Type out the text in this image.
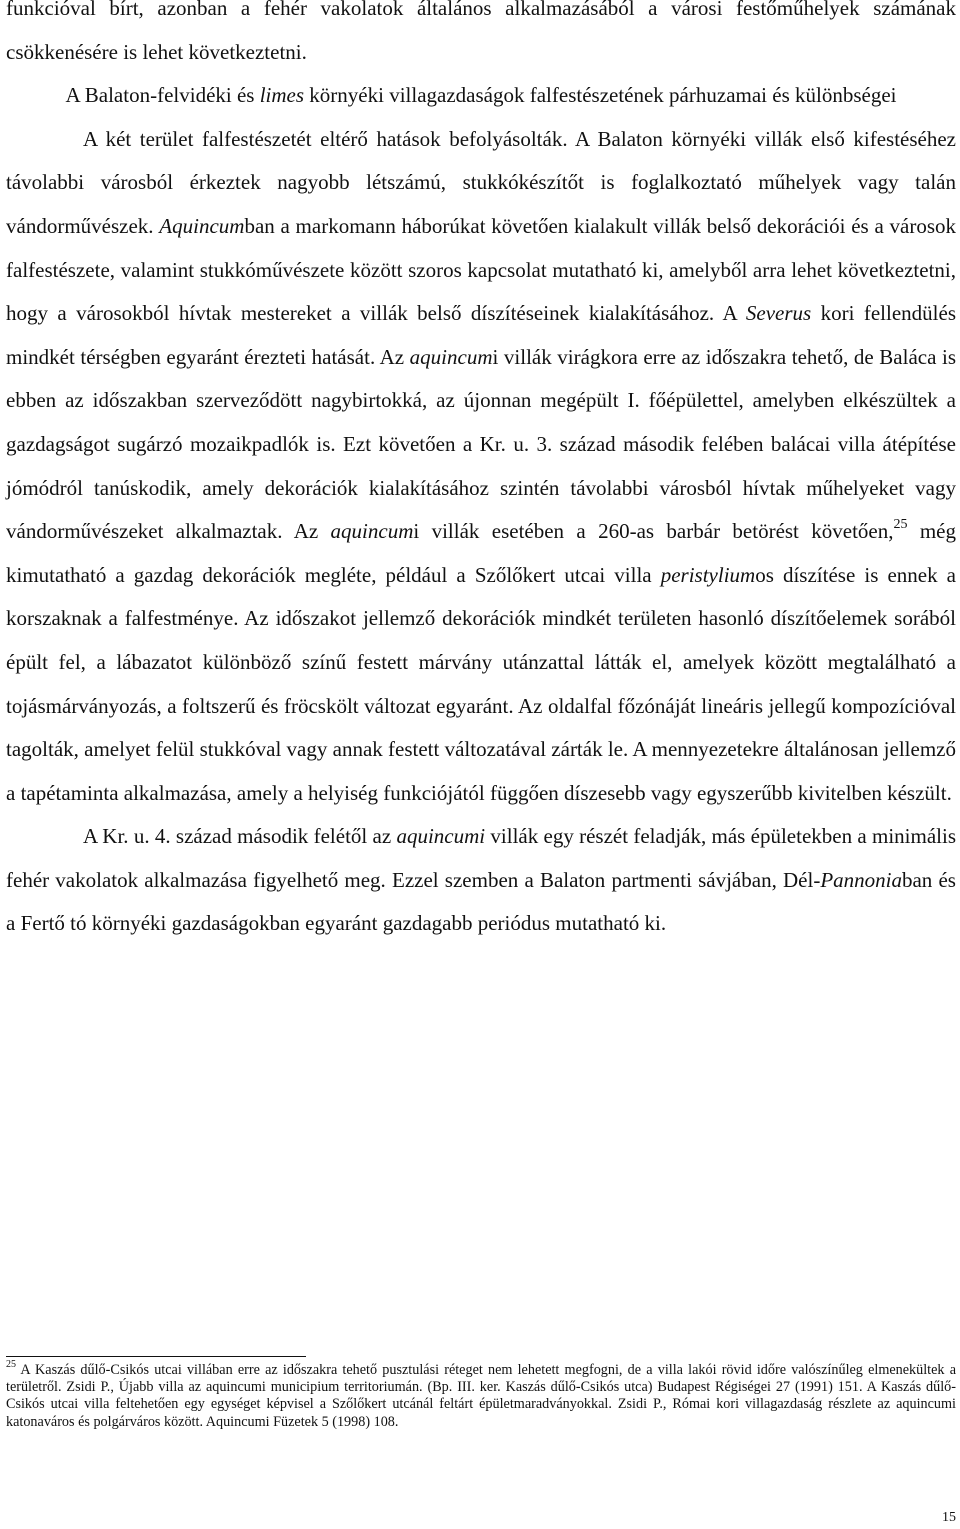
funkcióval bírt, azonban a fehér vakolatok általános alkalmazásából a városi festőműhelyek számának csökkenésére is lehet következtetni.

A Balaton-felvidéki és limes környéki villagazdaságok falfestészetének párhuzamai és különbségei

A két terület falfestészetét eltérő hatások befolyásolták. A Balaton környéki villák első kifestéséhez távolabbi városból érkeztek nagyobb létszámú, stukkókészítőt is foglalkoztató műhelyek vagy talán vándorművészek. Aquincumban a markomann háborúkat követően kialakult villák belső dekorációi és a városok falfestészete, valamint stukkóművészete között szoros kapcsolat mutatható ki, amelyből arra lehet következtetni, hogy a városokból hívtak mestereket a villák belső díszítéseinek kialakításához. A Severus kori fellendülés mindkét térségben egyaránt érezteti hatását. Az aquincumi villák virágkora erre az időszakra tehető, de Baláca is ebben az időszakban szerveződött nagybirtokká, az újonnan megépült I. főépülettel, amelyben elkészültek a gazdagságot sugárzó mozaikpadlók is. Ezt követően a Kr. u. 3. század második felében balácai villa átépítése jómódról tanúskodik, amely dekorációk kialakításához szintén távolabbi városból hívtak műhelyeket vagy vándorművészeket alkalmaztak. Az aquincumi villák esetében a 260-as barbár betörést követően,$^{25}$ még kimutatható a gazdag dekorációk megléte, például a Szőlőkert utcai villa peristyliumos díszítése is ennek a korszaknak a falfestménye. Az időszakot jellemző dekorációk mindkét területen hasonló díszítőelemek sorából épült fel, a lábazatot különböző színű festett márvány utánzattal látták el, amelyek között megtalálható a tojásmárványozás, a foltszerű és fröcskölt változat egyaránt. Az oldalfal főzónáját lineáris jellegű kompozícióval tagolták, amelyet felül stukkóval vagy annak festett változatával zárták le. A mennyezetekre általánosan jellemző a tapétaminta alkalmazása, amely a helyiség funkciójától függően díszesebb vagy egyszerűbb kivitelben készült.

A Kr. u. 4. század második felétől az aquincumi villák egy részét feladják, más épületekben a minimális fehér vakolatok alkalmazása figyelhető meg. Ezzel szemben a Balaton partmenti sávjában, Dél-Pannoniaban és a Fertő tó környéki gazdaságokban egyaránt gazdagabb periódus mutatható ki.

$^{25}$ A Kaszás dűlő-Csikós utcai villában erre az időszakra tehető pusztulási réteget nem lehetett megfogni, de a villa lakói rövid időre valószínűleg elmenekültek a területről. Zsidi P., Újabb villa az aquincumi municipium territoriumán. (Bp. III. ker. Kaszás dűlő-Csikós utca) Budapest Régiségei 27 (1991) 151. A Kaszás dűlő-Csikós utcai villa feltehetően egy egységet képvisel a Szőlőkert utcánál feltárt épületmaradványokkal. Zsidi P., Római kori villagazdaság részlete az aquincumi katonaváros és polgárváros között. Aquincumi Füzetek 5 (1998) 108.

15
